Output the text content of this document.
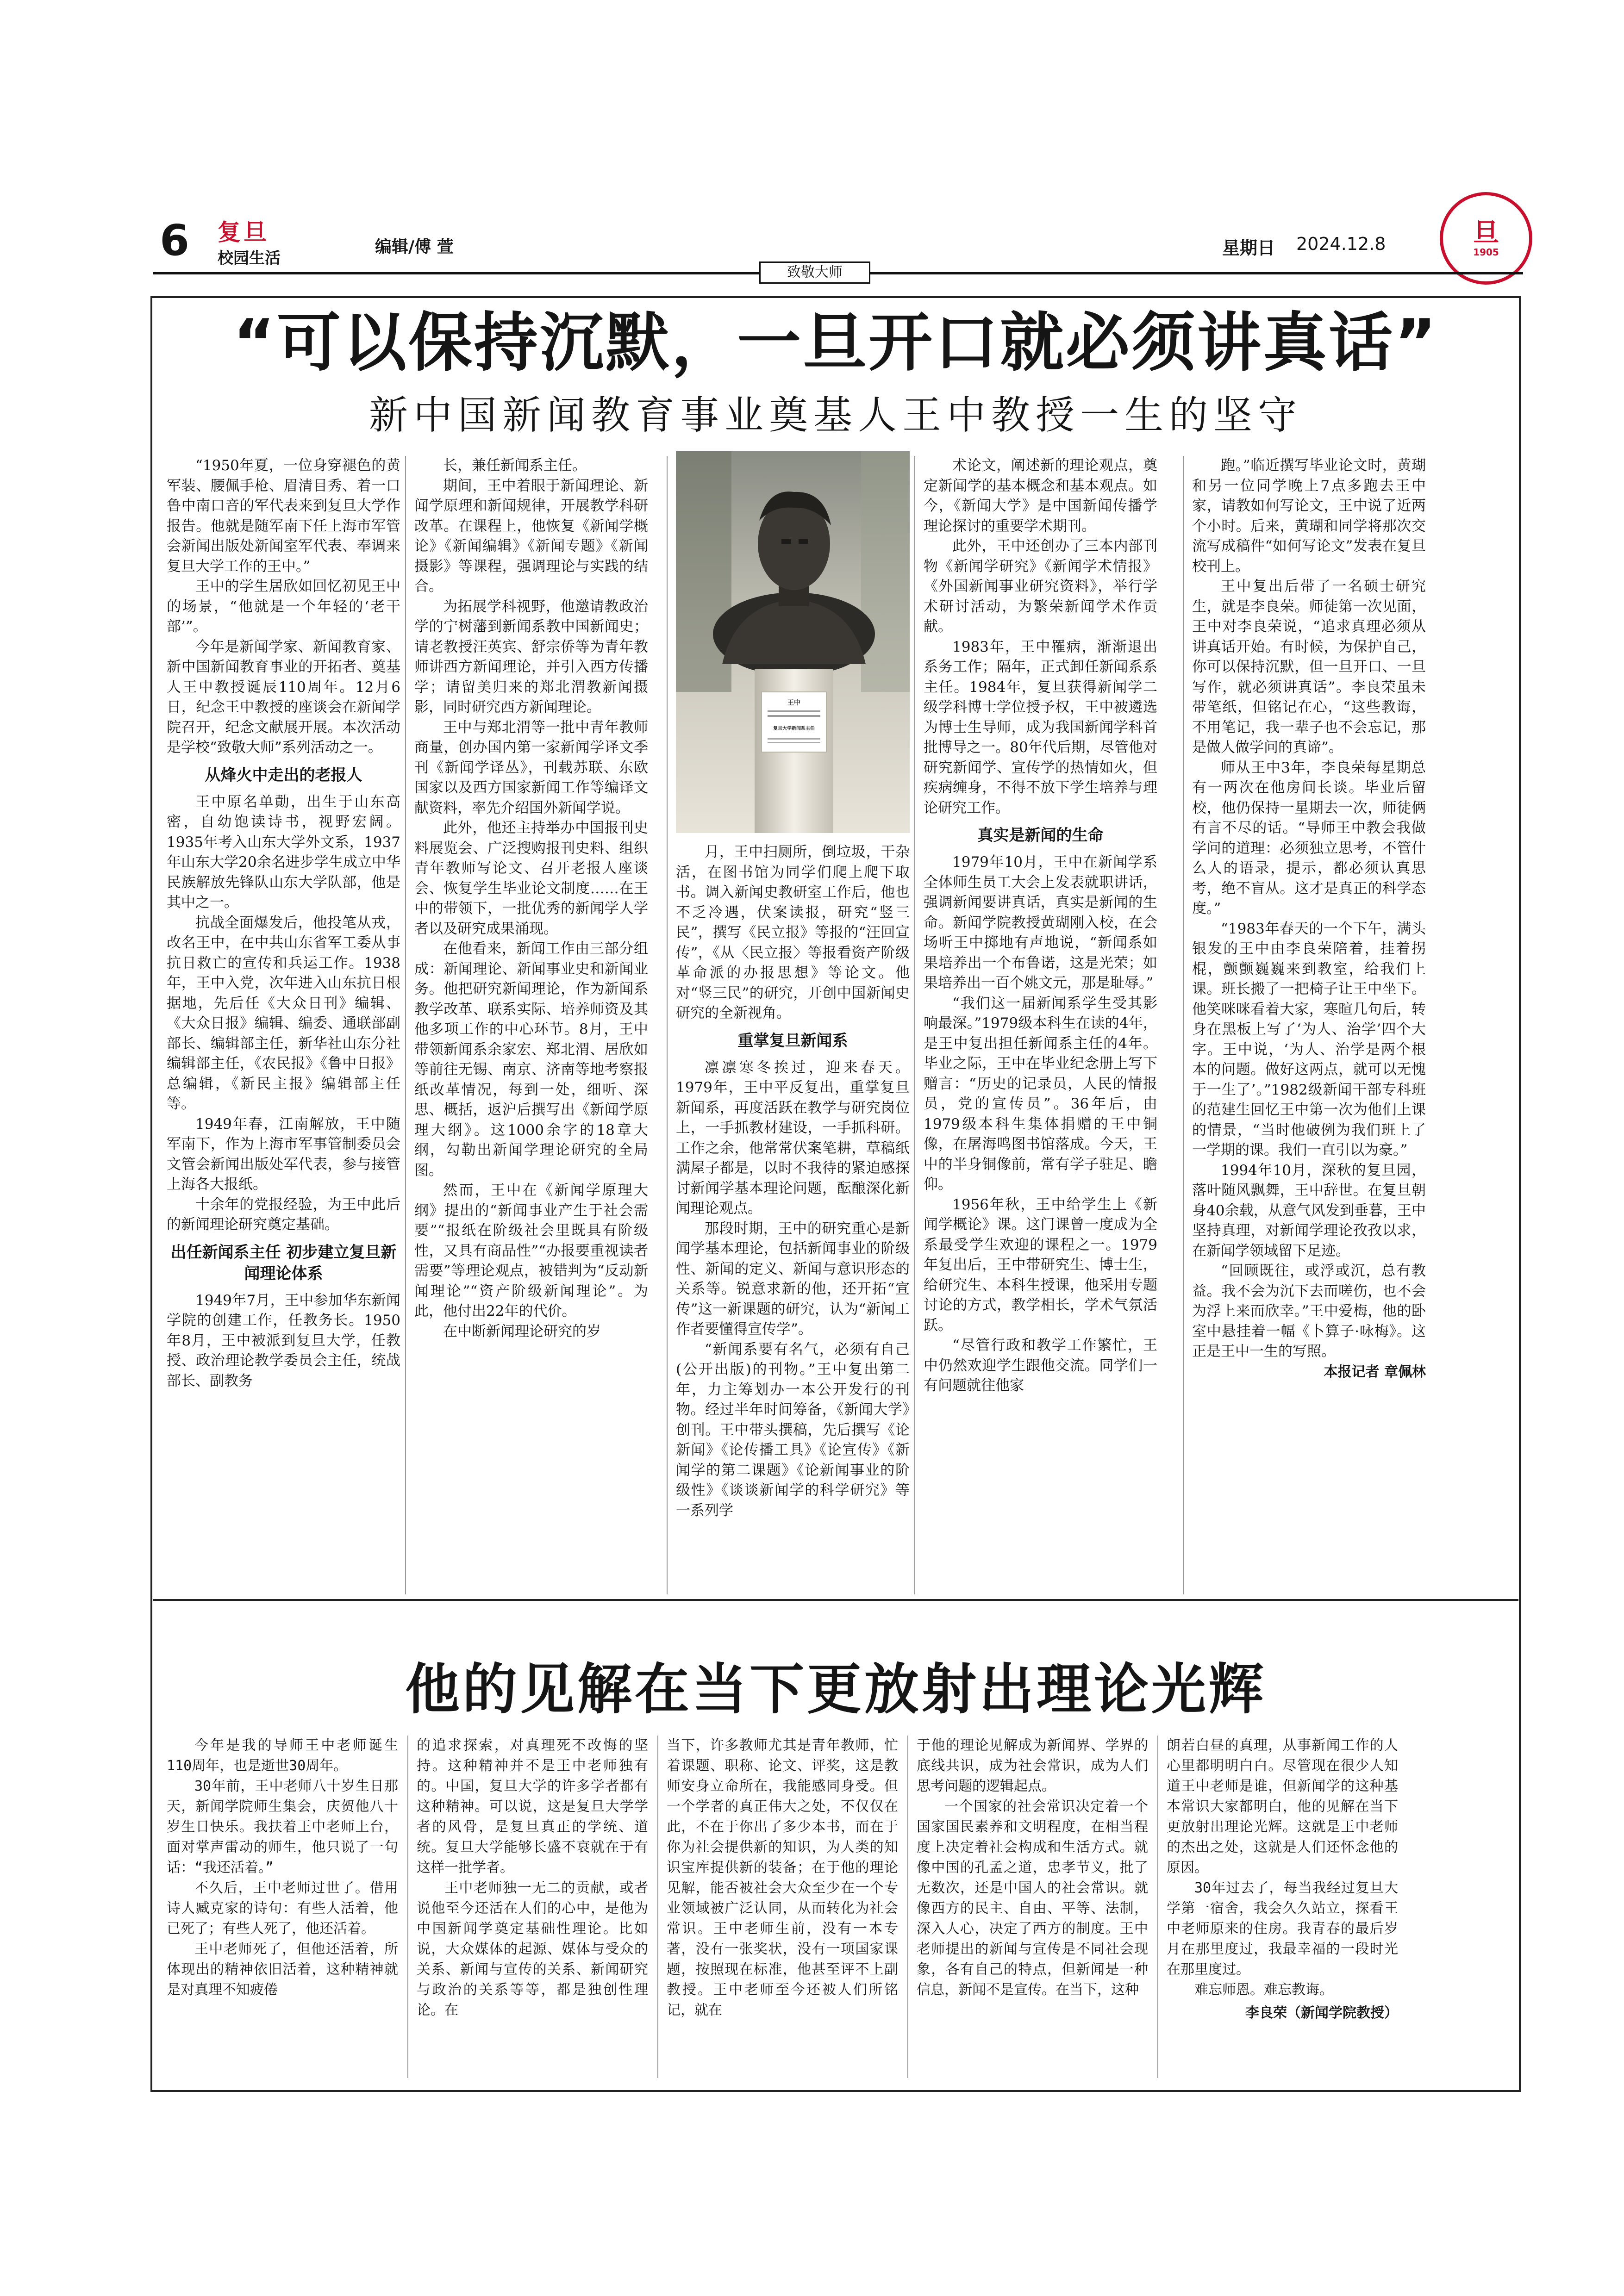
6 复旦
校园生活
编辑/傅 萱	星期日 2024.12.8	旦
1905
致敬大师
“可以保持沉默，一旦开口就必须讲真话”
新中国新闻教育事业奠基人王中教授一生的坚守

“1950年夏，一位身穿褪色的黄军装、腰佩手枪、眉清目秀、着一口鲁中南口音的军代表来到复旦大学作报告。他就是随军南下任上海市军管会新闻出版处新闻室军代表、奉调来复旦大学工作的王中。”

王中的学生居欣如回忆初见王中的场景，“他就是一个年轻的‘老干部’”。

今年是新闻学家、新闻教育家、新中国新闻教育事业的开拓者、奠基人王中教授诞辰110周年。12月6日，纪念王中教授的座谈会在新闻学院召开，纪念文献展开展。本次活动是学校“致敬大师”系列活动之一。

从烽火中走出的老报人

王中原名单勣，出生于山东高密，自幼饱读诗书，视野宏阔。1935年考入山东大学外文系，1937年山东大学20余名进步学生成立中华民族解放先锋队山东大学队部，他是其中之一。

抗战全面爆发后，他投笔从戎，改名王中，在中共山东省军工委从事抗日救亡的宣传和兵运工作。1938年，王中入党，次年进入山东抗日根据地，先后任《大众日刊》编辑、《大众日报》编辑、编委、通联部副部长、编辑部主任，新华社山东分社编辑部主任，《农民报》《鲁中日报》总编辑，《新民主报》编辑部主任等。

1949年春，江南解放，王中随军南下，作为上海市军事管制委员会文管会新闻出版处军代表，参与接管上海各大报纸。

十余年的党报经验，为王中此后的新闻理论研究奠定基础。

出任新闻系主任 初步建立复旦新闻理论体系

1949年7月，王中参加华东新闻学院的创建工作，任教务长。1950年8月，王中被派到复旦大学，任教授、政治理论教学委员会主任，统战部长、副教务

长，兼任新闻系主任。

期间，王中着眼于新闻理论、新闻学原理和新闻规律，开展教学科研改革。在课程上，他恢复《新闻学概论》《新闻编辑》《新闻专题》《新闻摄影》等课程，强调理论与实践的结合。

为拓展学科视野，他邀请教政治学的宁树藩到新闻系教中国新闻史；请老教授汪英宾、舒宗侨等为青年教师讲西方新闻理论，并引入西方传播学；请留美归来的郑北渭教新闻摄影，同时研究西方新闻理论。

王中与郑北渭等一批中青年教师商量，创办国内第一家新闻学译文季刊《新闻学译丛》，刊载苏联、东欧国家以及西方国家新闻工作等编译文献资料，率先介绍国外新闻学说。

此外，他还主持举办中国报刊史料展览会、广泛搜购报刊史料、组织青年教师写论文、召开老报人座谈会、恢复学生毕业论文制度……在王中的带领下，一批优秀的新闻学人学者以及研究成果涌现。

在他看来，新闻工作由三部分组成：新闻理论、新闻事业史和新闻业务。他把研究新闻理论，作为新闻系教学改革、联系实际、培养师资及其他多项工作的中心环节。8月，王中带领新闻系余家宏、郑北渭、居欣如等前往无锡、南京、济南等地考察报纸改革情况，每到一处，细听、深思、概括，返沪后撰写出《新闻学原理大纲》。这1000余字的18章大纲，勾勒出新闻学理论研究的全局图。

然而，王中在《新闻学原理大纲》提出的“新闻事业产生于社会需要”“报纸在阶级社会里既具有阶级性，又具有商品性”“办报要重视读者需要”等理论观点，被错判为“反动新闻理论”“资产阶级新闻理论”。为此，他付出22年的代价。

在中断新闻理论研究的岁

王中
复旦大学新闻系主任

月，王中扫厕所，倒垃圾，干杂活，在图书馆为同学们爬上爬下取书。调入新闻史教研室工作后，他也不乏冷遇，伏案读报，研究“竖三民”，撰写《民立报》等报的“汪回宣传”，《从〈民立报〉等报看资产阶级革命派的办报思想》等论文。他对“竖三民”的研究，开创中国新闻史研究的全新视角。

重掌复旦新闻系

凛凛寒冬挨过，迎来春天。1979年，王中平反复出，重掌复旦新闻系，再度活跃在教学与研究岗位上，一手抓教材建设，一手抓科研。工作之余，他常常伏案笔耕，草稿纸满屋子都是，以时不我待的紧迫感探讨新闻学基本理论问题，酝酿深化新闻理论观点。

那段时期，王中的研究重心是新闻学基本理论，包括新闻事业的阶级性、新闻的定义、新闻与意识形态的关系等。锐意求新的他，还开拓“宣传”这一新课题的研究，认为“新闻工作者要懂得宣传学”。

“新闻系要有名气，必须有自己(公开出版)的刊物。”王中复出第二年，力主筹划办一本公开发行的刊物。经过半年时间筹备，《新闻大学》创刊。王中带头撰稿，先后撰写《论新闻》《论传播工具》《论宣传》《新闻学的第二课题》《论新闻事业的阶级性》《谈谈新闻学的科学研究》等一系列学

术论文，阐述新的理论观点，奠定新闻学的基本概念和基本观点。如今，《新闻大学》是中国新闻传播学理论探讨的重要学术期刊。

此外，王中还创办了三本内部刊物《新闻学研究》《新闻学术情报》《外国新闻事业研究资料》，举行学术研讨活动，为繁荣新闻学术作贡献。

1983年，王中罹病，渐渐退出系务工作；隔年，正式卸任新闻系系主任。1984年，复旦获得新闻学二级学科博士学位授予权，王中被遴选为博士生导师，成为我国新闻学科首批博导之一。80年代后期，尽管他对研究新闻学、宣传学的热情如火，但疾病缠身，不得不放下学生培养与理论研究工作。

真实是新闻的生命

1979年10月，王中在新闻学系全体师生员工大会上发表就职讲话，强调新闻要讲真话，真实是新闻的生命。新闻学院教授黄瑚刚入校，在会场听王中掷地有声地说，“新闻系如果培养出一个布鲁诺，这是光荣；如果培养出一百个姚文元，那是耻辱。”

“我们这一届新闻系学生受其影响最深。”1979级本科生在读的4年，是王中复出担任新闻系主任的4年。毕业之际，王中在毕业纪念册上写下赠言：“历史的记录员，人民的情报员，党的宣传员”。36年后，由1979级本科生集体捐赠的王中铜像，在屠海鸣图书馆落成。今天，王中的半身铜像前，常有学子驻足、瞻仰。

1956年秋，王中给学生上《新闻学概论》课。这门课曾一度成为全系最受学生欢迎的课程之一。1979年复出后，王中带研究生、博士生，给研究生、本科生授课，他采用专题讨论的方式，教学相长，学术气氛活跃。

“尽管行政和教学工作繁忙，王中仍然欢迎学生跟他交流。同学们一有问题就往他家

跑。”临近撰写毕业论文时，黄瑚和另一位同学晚上7点多跑去王中家，请教如何写论文，王中说了近两个小时。后来，黄瑚和同学将那次交流写成稿件“如何写论文”发表在复旦校刊上。

王中复出后带了一名硕士研究生，就是李良荣。师徒第一次见面，王中对李良荣说，“追求真理必须从讲真话开始。有时候，为保护自己，你可以保持沉默，但一旦开口、一旦写作，就必须讲真话”。李良荣虽未带笔纸，但铭记在心，“这些教诲，不用笔记，我一辈子也不会忘记，那是做人做学问的真谛”。

师从王中3年，李良荣每星期总有一两次在他房间长谈。毕业后留校，他仍保持一星期去一次，师徒俩有言不尽的话。“导师王中教会我做学问的道理：必须独立思考，不管什么人的语录，提示，都必须认真思考，绝不盲从。这才是真正的科学态度。”

“1983年春天的一个下午，满头银发的王中由李良荣陪着，挂着拐棍，颤颤巍巍来到教室，给我们上课。班长搬了一把椅子让王中坐下。他笑咪咪看着大家，寒暄几句后，转身在黑板上写了‘为人、治学’四个大字。王中说，‘为人、治学是两个根本的问题。做好这两点，就可以无愧于一生了’。”1982级新闻干部专科班的范建生回忆王中第一次为他们上课的情景，“当时他破例为我们班上了一学期的课。我们一直引以为豪。”

1994年10月，深秋的复旦园，落叶随风飘舞，王中辞世。在复旦朝身40余载，从意气风发到垂暮，王中坚持真理，对新闻学理论孜孜以求，在新闻学领域留下足迹。

“回顾既往，或浮或沉，总有教益。我不会为沉下去而嗟伤，也不会为浮上来而欣幸。”王中爱梅，他的卧室中悬挂着一幅《卜算子·咏梅》。这正是王中一生的写照。

本报记者 章佩林
他的见解在当下更放射出理论光辉

今年是我的导师王中老师诞生110周年，也是逝世30周年。

30年前，王中老师八十岁生日那天，新闻学院师生集会，庆贺他八十岁生日快乐。我扶着王中老师上台，面对掌声雷动的师生，他只说了一句话：“我还活着。”

不久后，王中老师过世了。借用诗人臧克家的诗句：有些人活着，他已死了；有些人死了，他还活着。

王中老师死了，但他还活着，所体现出的精神依旧活着，这种精神就是对真理不知疲倦

的追求探索，对真理死不改悔的坚持。这种精神并不是王中老师独有的。中国，复旦大学的许多学者都有这种精神。可以说，这是复旦大学学者的风骨，是复旦真正的学统、道统。复旦大学能够长盛不衰就在于有这样一批学者。

王中老师独一无二的贡献，或者说他至今还活在人们的心中，是他为中国新闻学奠定基础性理论。比如说，大众媒体的起源、媒体与受众的关系、新闻与宣传的关系、新闻研究与政治的关系等等，都是独创性理论。在

当下，许多教师尤其是青年教师，忙着课题、职称、论文、评奖，这是教师安身立命所在，我能感同身受。但一个学者的真正伟大之处，不仅仅在此，不在于你出了多少本书，而在于你为社会提供新的知识，为人类的知识宝库提供新的装备；在于他的理论见解，能否被社会大众至少在一个专业领域被广泛认同，从而转化为社会常识。王中老师生前，没有一本专著，没有一张奖状，没有一项国家课题，按照现在标准，他甚至评不上副教授。王中老师至今还被人们所铭记，就在

于他的理论见解成为新闻界、学界的底线共识，成为社会常识，成为人们思考问题的逻辑起点。

一个国家的社会常识决定着一个国家国民素养和文明程度，在相当程度上决定着社会构成和生活方式。就像中国的孔孟之道，忠孝节义，批了无数次，还是中国人的社会常识。就像西方的民主、自由、平等、法制，深入人心，决定了西方的制度。王中老师提出的新闻与宣传是不同社会现象，各有自己的特点，但新闻是一种信息，新闻不是宣传。在当下，这种

朗若白昼的真理，从事新闻工作的人心里都明明白白。尽管现在很少人知道王中老师是谁，但新闻学的这种基本常识大家都明白，他的见解在当下更放射出理论光辉。这就是王中老师的杰出之处，这就是人们还怀念他的原因。

30年过去了，每当我经过复旦大学第一宿舍，我会久久站立，探看王中老师原来的住房。我青春的最后岁月在那里度过，我最幸福的一段时光在那里度过。

难忘师恩。难忘教诲。

李良荣（新闻学院教授）
